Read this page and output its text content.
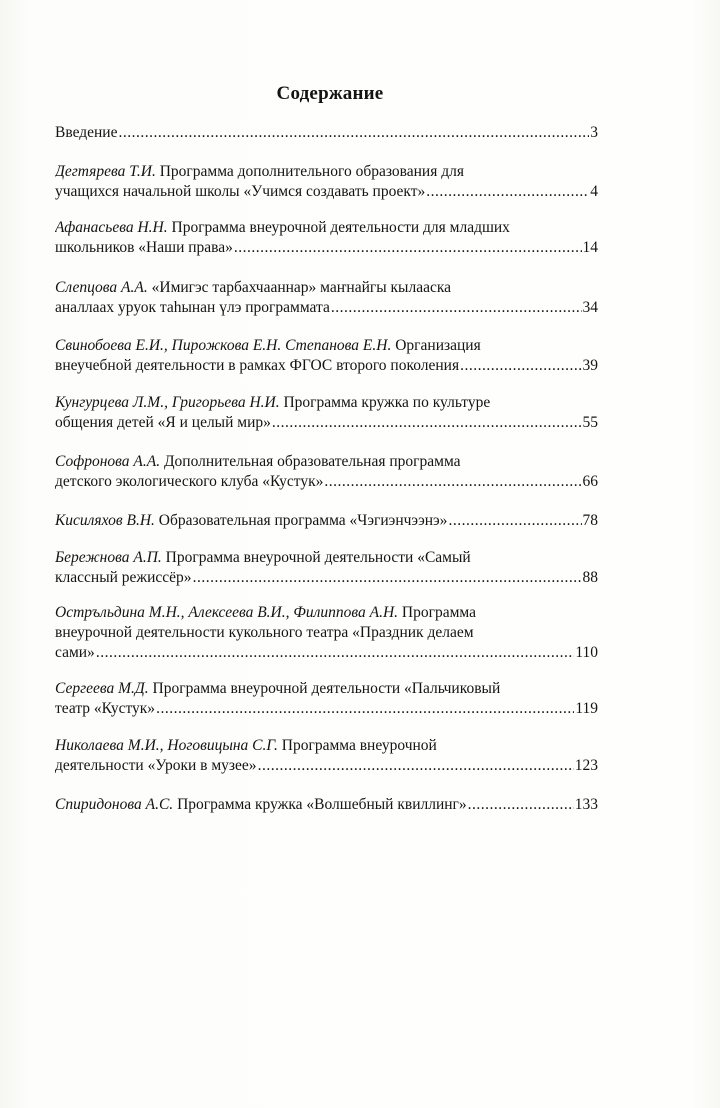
Содержание
Введение .....	3
Дегтярева Т.И. Программа дополнительного образования для
учащихся начальной школы «Учимся создавать проект» .....	4
Афанасьева Н.Н. Программа внеурочной деятельности для младших
школьников «Наши права» .....	14
Слепцова А.А. «Имигэс тарбахчааннар» маҥнайгы кылааска
аналлаах уруок таһынан үлэ программата .....	34
Свинобоева Е.И., Пирожкова Е.Н. Степанова Е.Н. Организация
внеучебной деятельности в рамках ФГОС второго поколения .....	39
Кунгурцева Л.М., Григорьева Н.И. Программа кружка по культуре
общения детей «Я и целый мир» .....	55
Софронова А.А. Дополнительная образовательная программа
детского экологического клуба «Кустук» .....	66
Кисиляхов В.Н. Образовательная программа «Чэгиэнчээнэ» .....	78
Бережнова А.П. Программа внеурочной деятельности «Самый
классный режиссёр» .....	88
Остръльдина М.Н., Алексеева В.И., Филиппова А.Н. Программа
внеурочной деятельности кукольного театра «Праздник делаем
сами» .....	110
Сергеева М.Д. Программа внеурочной деятельности «Пальчиковый
театр «Кустук» .....	119
Николаева М.И., Ноговицына С.Г. Программа внеурочной
деятельности «Уроки в музее» .....	123
Спиридонова А.С. Программа кружка «Волшебный квиллинг» .....	133
